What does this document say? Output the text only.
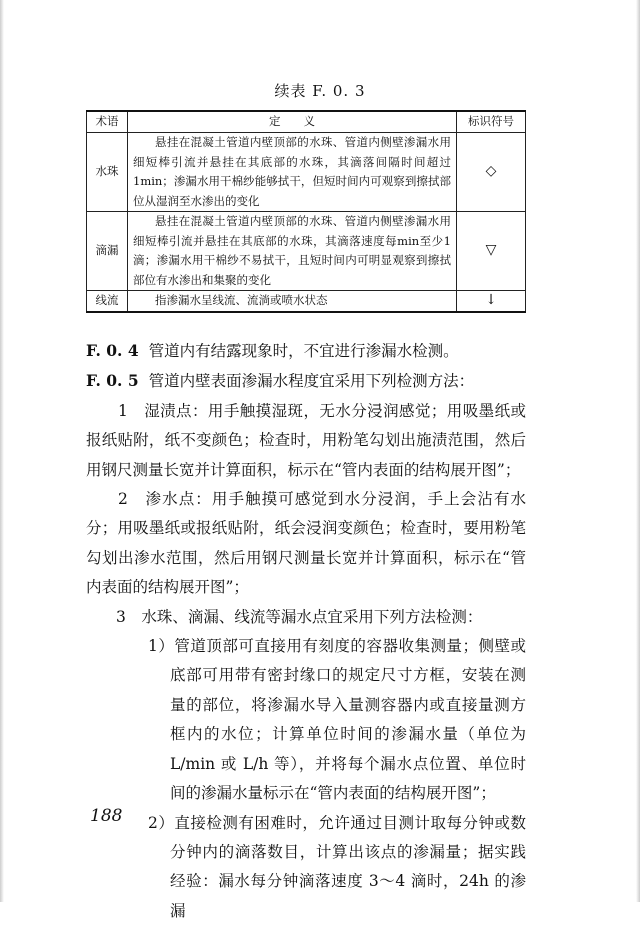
续表 F. 0. 3
术语	定　　义	标识符号
水珠	悬挂在混凝土管道内壁顶部的水珠、管道内侧壁渗漏水用细短棒引流并悬挂在其底部的水珠，其滴落间隔时间超过1min；渗漏水用干棉纱能够拭干，但短时间内可观察到擦拭部位从湿润至水渗出的变化	◇
滴漏	悬挂在混凝土管道内壁顶部的水珠、管道内侧壁渗漏水用细短棒引流并悬挂在其底部的水珠，其滴落速度每min至少1滴；渗漏水用干棉纱不易拭干，且短时间内可明显观察到擦拭部位有水渗出和集聚的变化	▽
线流	指渗漏水呈线流、流淌或喷水状态	↓

F. 0. 4 管道内有结露现象时，不宜进行渗漏水检测。

F. 0. 5 管道内壁表面渗漏水程度宜采用下列检测方法：

1　湿渍点：用手触摸湿斑，无水分浸润感觉；用吸墨纸或报纸贴附，纸不变颜色；检查时，用粉笔勾划出施渍范围，然后用钢尺测量长宽并计算面积，标示在“管内表面的结构展开图”；

2　渗水点：用手触摸可感觉到水分浸润，手上会沾有水分；用吸墨纸或报纸贴附，纸会浸润变颜色；检查时，要用粉笔勾划出渗水范围，然后用钢尺测量长宽并计算面积，标示在“管内表面的结构展开图”；

3　水珠、滴漏、线流等漏水点宜采用下列方法检测：

1）管道顶部可直接用有刻度的容器收集测量；侧壁或底部可用带有密封缘口的规定尺寸方框，安装在测量的部位，将渗漏水导入量测容器内或直接量测方框内的水位；计算单位时间的渗漏水量（单位为 L/min 或 L/h 等），并将每个漏水点位置、单位时间的渗漏水量标示在“管内表面的结构展开图”；

2）直接检测有困难时，允许通过目测计取每分钟或数分钟内的滴落数目，计算出该点的渗漏量；据实践经验：漏水每分钟滴落速度 3～4 滴时，24h 的渗漏

188
